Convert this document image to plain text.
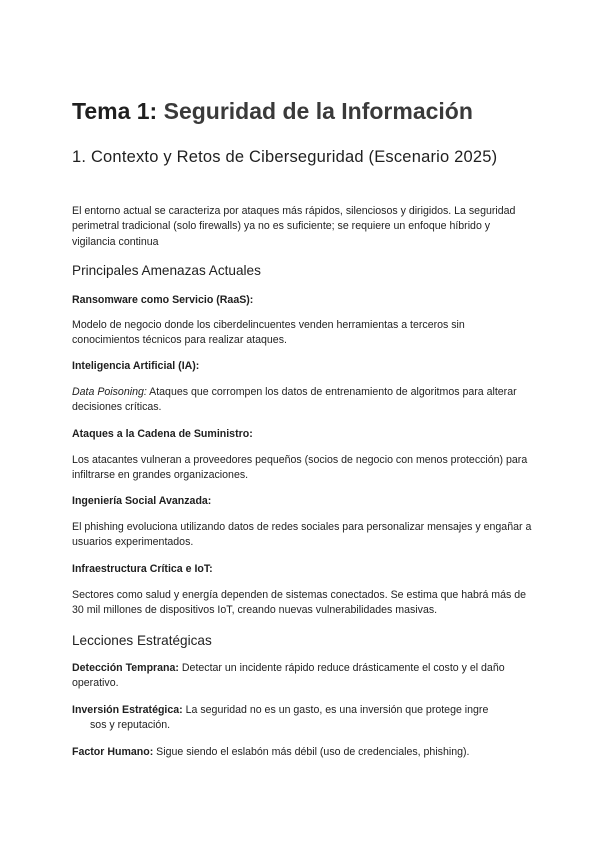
Tema 1: Seguridad de la Información
1. Contexto y Retos de Ciberseguridad (Escenario 2025)

El entorno actual se caracteriza por ataques más rápidos, silenciosos y dirigidos. La seguridad perimetral tradicional (solo firewalls) ya no es suficiente; se requiere un enfoque híbrido y vigilancia continua

Principales Amenazas Actuales

Ransomware como Servicio (RaaS):

Modelo de negocio donde los ciberdelincuentes venden herramientas a terceros sin conocimientos técnicos para realizar ataques.

Inteligencia Artificial (IA):

Data Poisoning: Ataques que corrompen los datos de entrenamiento de algoritmos para alterar decisiones críticas.

Ataques a la Cadena de Suministro:

Los atacantes vulneran a proveedores pequeños (socios de negocio con menos protección) para infiltrarse en grandes organizaciones.

Ingeniería Social Avanzada:

El phishing evoluciona utilizando datos de redes sociales para personalizar mensajes y engañar a usuarios experimentados.

Infraestructura Crítica e IoT:

Sectores como salud y energía dependen de sistemas conectados. Se estima que habrá más de 30 mil millones de dispositivos IoT, creando nuevas vulnerabilidades masivas.

Lecciones Estratégicas

Detección Temprana: Detectar un incidente rápido reduce drásticamente el costo y el daño operativo.

Inversión Estratégica: La seguridad no es un gasto, es una inversión que protege ingre
sos y reputación.

Factor Humano: Sigue siendo el eslabón más débil (uso de credenciales, phishing).
